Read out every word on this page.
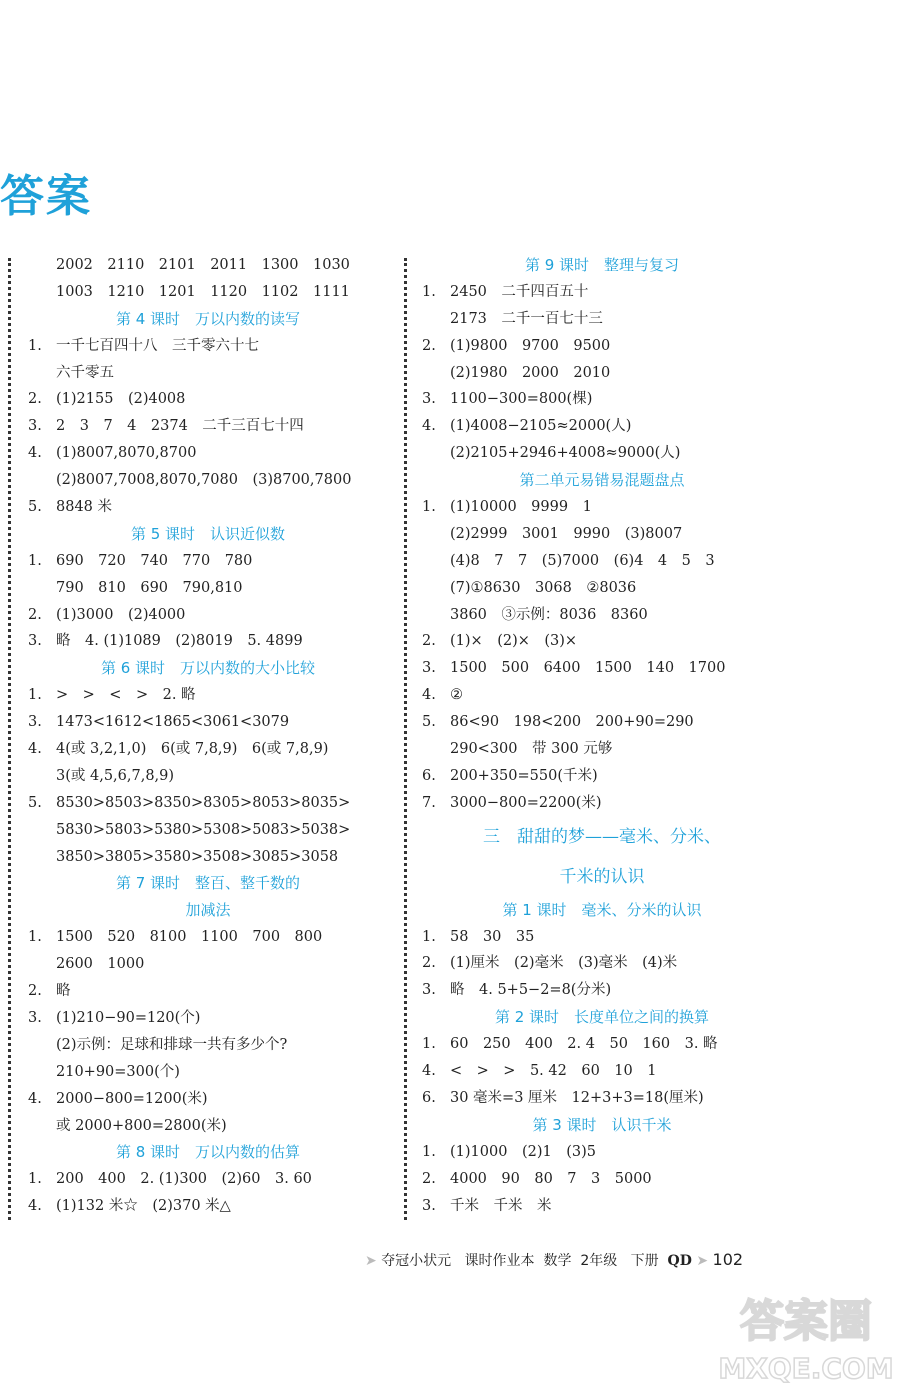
答案
2002　2110　2101　2011　1300　1030
1003　1210　1201　1120　1102　1111
第 4 课时　万以内数的读写
1. 一千七百四十八　三千零六十七
六千零五
2. (1)2155　(2)4008
3. 2　3　7　4　2374　二千三百七十四
4. (1)8007,8070,8700
(2)8007,7008,8070,7080　(3)8700,7800
5. 8848 米
第 5 课时　认识近似数
1. 690　720　740　770　780
790　810　690　790,810
2. (1)3000　(2)4000
3. 略　4. (1)1089　(2)8019　5. 4899
第 6 课时　万以内数的大小比较
1. >　>　<　>　2. 略
3. 1473<1612<1865<3061<3079
4. 4(或 3,2,1,0)　6(或 7,8,9)　6(或 7,8,9)
3(或 4,5,6,7,8,9)
5. 8530>8503>8350>8305>8053>8035>
5830>5803>5380>5308>5083>5038>
3850>3805>3580>3508>3085>3058
第 7 课时　整百、整千数的
加减法
1. 1500　520　8100　1100　700　800
2600　1000
2. 略
3. (1)210−90=120(个)
(2)示例：足球和排球一共有多少个?
210+90=300(个)
4. 2000−800=1200(米)
或 2000+800=2800(米)
第 8 课时　万以内数的估算
1. 200　400　2. (1)300　(2)60　3. 60
4. (1)132 米☆　(2)370 米△
第 9 课时　整理与复习
1. 2450　二千四百五十
2173　二千一百七十三
2. (1)9800　9700　9500
(2)1980　2000　2010
3. 1100−300=800(棵)
4. (1)4008−2105≈2000(人)
(2)2105+2946+4008≈9000(人)
第二单元易错易混题盘点
1. (1)10000　9999　1
(2)2999　3001　9990　(3)8007
(4)8　7　7　(5)7000　(6)4　4　5　3
(7)①8630　3068　②8036
3860　③示例：8036　8360
2. (1)×　(2)×　(3)×
3. 1500　500　6400　1500　140　1700
4. ②
5. 86<90　198<200　200+90=290
290<300　带 300 元够
6. 200+350=550(千米)
7. 3000−800=2200(米)
三　甜甜的梦——毫米、分米、
千米的认识
第 1 课时　毫米、分米的认识
1. 58　30　35
2. (1)厘米　(2)毫米　(3)毫米　(4)米
3. 略　4. 5+5−2=8(分米)
第 2 课时　长度单位之间的换算
1. 60　250　400　2. 4　50　160　3. 略
4. <　>　>　5. 42　60　10　1
6. 30 毫米=3 厘米　12+3+3=18(厘米)
第 3 课时　认识千米
1. (1)1000　(2)1　(3)5
2. 4000　90　80　7　3　5000
3. 千米　千米　米
➤ 夺冠小状元 课时作业本 数学 2年级 下册 QD ➤ 102
答案圈
MXQE.COM
